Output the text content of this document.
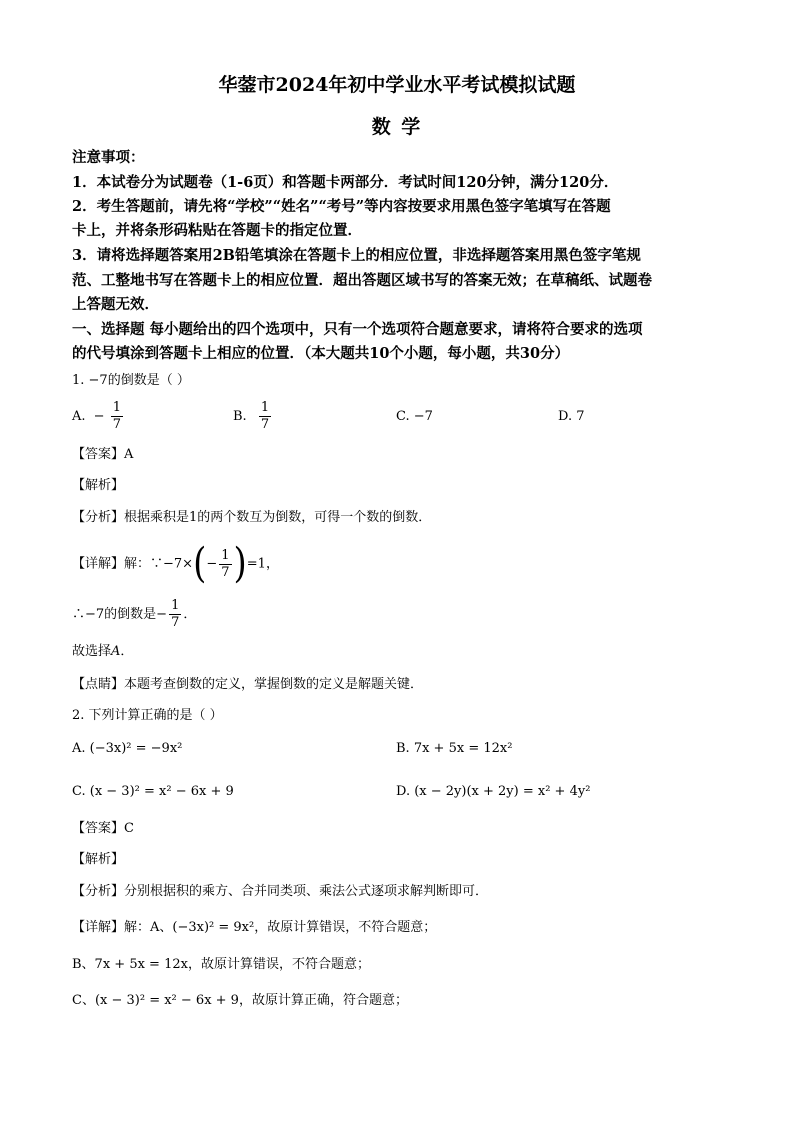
华蓥市2024年初中学业水平考试模拟试题
数 学
注意事项：
1．本试卷分为试题卷（1-6页）和答题卡两部分．考试时间120分钟，满分120分．
2．考生答题前，请先将“学校”“姓名”“考号”等内容按要求用黑色签字笔填写在答题
卡上，并将条形码粘贴在答题卡的指定位置．
3．请将选择题答案用2B铅笔填涂在答题卡上的相应位置，非选择题答案用黑色签字笔规
范、工整地书写在答题卡上的相应位置．超出答题区域书写的答案无效；在草稿纸、试题卷
上答题无效．
一、选择题 每小题给出的四个选项中，只有一个选项符合题意要求，请将符合要求的选项
的代号填涂到答题卡上相应的位置．（本大题共10个小题，每小题，共30分）
1. −7的倒数是（ ）
A. − $\frac{1}{7}$	B. $\frac{1}{7}$	C. −7	D. 7
【答案】A
【解析】
【分析】根据乘积是1的两个数互为倒数，可得一个数的倒数．
【详解】解：∵−7×(− $\frac{1}{7} )=1$，
∴−7的倒数是− $\frac{1}{7}$ ．
故选择A．
【点睛】本题考查倒数的定义，掌握倒数的定义是解题关键．
2. 下列计算正确的是（ ）
A. (−3x)² = −9x²	B. 7x + 5x = 12x²
C. (x − 3)² = x² − 6x + 9	D. (x − 2y)(x + 2y) = x² + 4y²
【答案】C
【解析】
【分析】分别根据积的乘方、合并同类项、乘法公式逐项求解判断即可．
【详解】解：A、(−3x)² = 9x²，故原计算错误，不符合题意；
B、7x + 5x = 12x，故原计算错误，不符合题意；
C、(x − 3)² = x² − 6x + 9，故原计算正确，符合题意；
